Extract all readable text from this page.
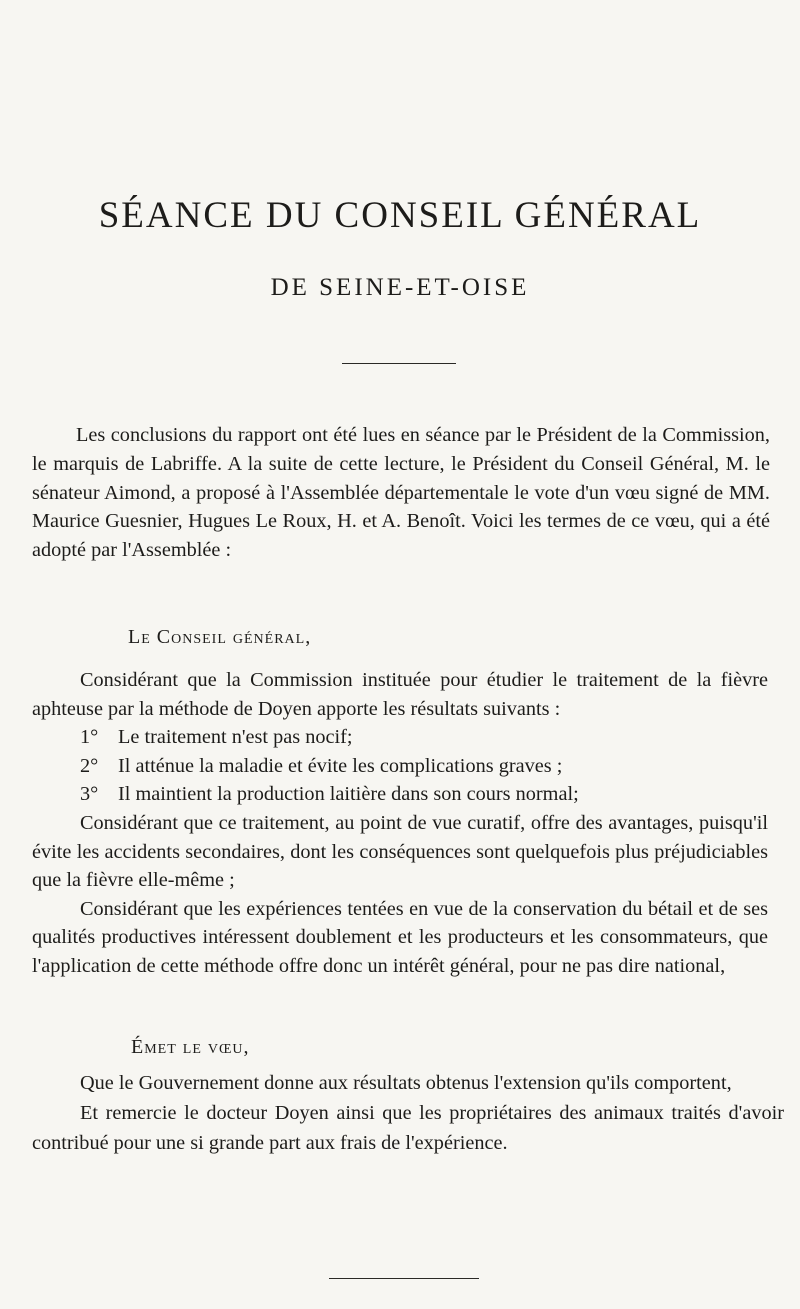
SÉANCE DU CONSEIL GÉNÉRAL
DE SEINE-ET-OISE

Les conclusions du rapport ont été lues en séance par le Président de la Commission, le marquis de Labriffe. A la suite de cette lecture, le Président du Conseil Général, M. le sénateur Aimond, a proposé à l'Assemblée départementale le vote d'un vœu signé de MM. Maurice Guesnier, Hugues Le Roux, H. et A. Benoît. Voici les termes de ce vœu, qui a été adopté par l'Assemblée :

Le Conseil général,

Considérant que la Commission instituée pour étudier le traitement de la fièvre aphteuse par la méthode de Doyen apporte les résultats suivants :

1° Le traitement n'est pas nocif;

2° Il atténue la maladie et évite les complications graves ;

3° Il maintient la production laitière dans son cours normal;

Considérant que ce traitement, au point de vue curatif, offre des avantages, puisqu'il évite les accidents secondaires, dont les conséquences sont quelquefois plus préjudiciables que la fièvre elle-même ;

Considérant que les expériences tentées en vue de la conservation du bétail et de ses qualités productives intéressent doublement et les producteurs et les consommateurs, que l'application de cette méthode offre donc un intérêt général, pour ne pas dire national,

Émet le vœu,

Que le Gouvernement donne aux résultats obtenus l'extension qu'ils comportent,

Et remercie le docteur Doyen ainsi que les propriétaires des animaux traités d'avoir contribué pour une si grande part aux frais de l'expérience.
